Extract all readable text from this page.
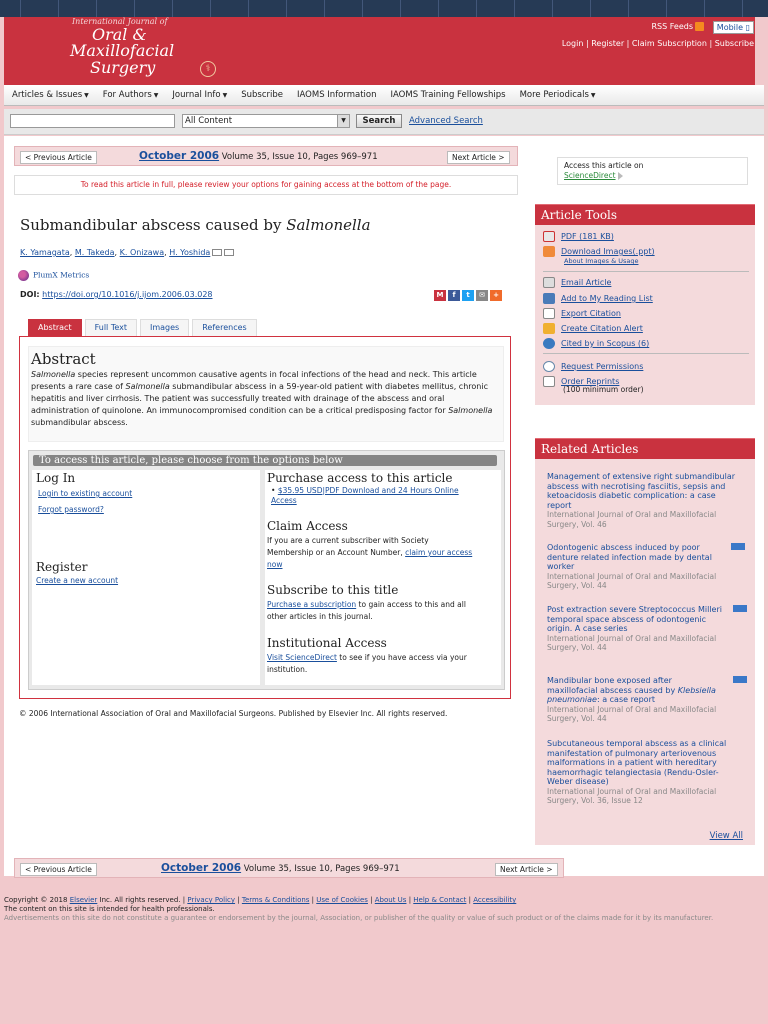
International Journal of
Oral &
Maxillofacial
Surgery	⚕
RSS Feeds	Mobile ▯
Login | Register | Claim Subscription | Subscribe
Articles & Issues ▼ For Authors ▼ Journal Info ▼ Subscribe IAOMS Information IAOMS Training Fellowships More Periodicals ▼
All Content	▼	Search	Advanced Search
< Previous Article	October 2006 Volume 35, Issue 10, Pages 969–971	Next Article >
To read this article in full, please review your options for gaining access at the bottom of the page.
Submandibular abscess caused by Salmonella
K. Yamagata, M. Takeda, K. Onizawa, H. Yoshida
PlumX Metrics
DOI: https://doi.org/10.1016/j.ijom.2006.03.028	M	f	t	✉	+
Abstract	Full Text	Images	References
Abstract
Salmonella species represent uncommon causative agents in focal infections of the head and neck. This article presents a rare case of Salmonella submandibular abscess in a 59-year-old patient with diabetes mellitus, chronic hepatitis and liver cirrhosis. The patient was successfully treated with drainage of the abscess and oral administration of quinolone. An immunocompromised condition can be a critical predisposing factor for Salmonella submandibular abscess.
To access this article, please choose from the options below
Log In
Login to existing account
Forgot password?
Register
Create a new account
Purchase access to this article
• $35.95 USD|PDF Download and 24 Hours Online Access
Claim Access
If you are a current subscriber with Society Membership or an Account Number, claim your access now
Subscribe to this title
Purchase a subscription to gain access to this and all other articles in this journal.
Institutional Access
Visit ScienceDirect to see if you have access via your institution.
© 2006 International Association of Oral and Maxillofacial Surgeons. Published by Elsevier Inc. All rights reserved.
< Previous Article	October 2006 Volume 35, Issue 10, Pages 969–971	Next Article >
Access this article on
ScienceDirect
Article Tools
PDF (181 KB)
Download Images(.ppt)
About Images & Usage
Email Article
Add to My Reading List
Export Citation
Create Citation Alert
Cited by in Scopus (6)
Request Permissions
Order Reprints
(100 minimum order)
Related Articles
Management of extensive right submandibular abscess with necrotising fasciitis, sepsis and ketoacidosis diabetic complication: a case report
International Journal of Oral and Maxillofacial Surgery, Vol. 46
Odontogenic abscess induced by poor denture related infection made by dental worker
International Journal of Oral and Maxillofacial Surgery, Vol. 44
Post extraction severe Streptococcus Milleri temporal space abscess of odontogenic origin. A case series
International Journal of Oral and Maxillofacial Surgery, Vol. 44
Mandibular bone exposed after maxillofacial abscess caused by Klebsiella pneumoniae: a case report
International Journal of Oral and Maxillofacial Surgery, Vol. 44
Subcutaneous temporal abscess as a clinical manifestation of pulmonary arteriovenous malformations in a patient with hereditary haemorrhagic telangiectasia (Rendu-Osler-Weber disease)
International Journal of Oral and Maxillofacial Surgery, Vol. 36, Issue 12
View All
Copyright © 2018 Elsevier Inc. All rights reserved. | Privacy Policy | Terms & Conditions | Use of Cookies | About Us | Help & Contact | Accessibility
The content on this site is intended for health professionals.
Advertisements on this site do not constitute a guarantee or endorsement by the journal, Association, or publisher of the quality or value of such product or of the claims made for it by its manufacturer.
